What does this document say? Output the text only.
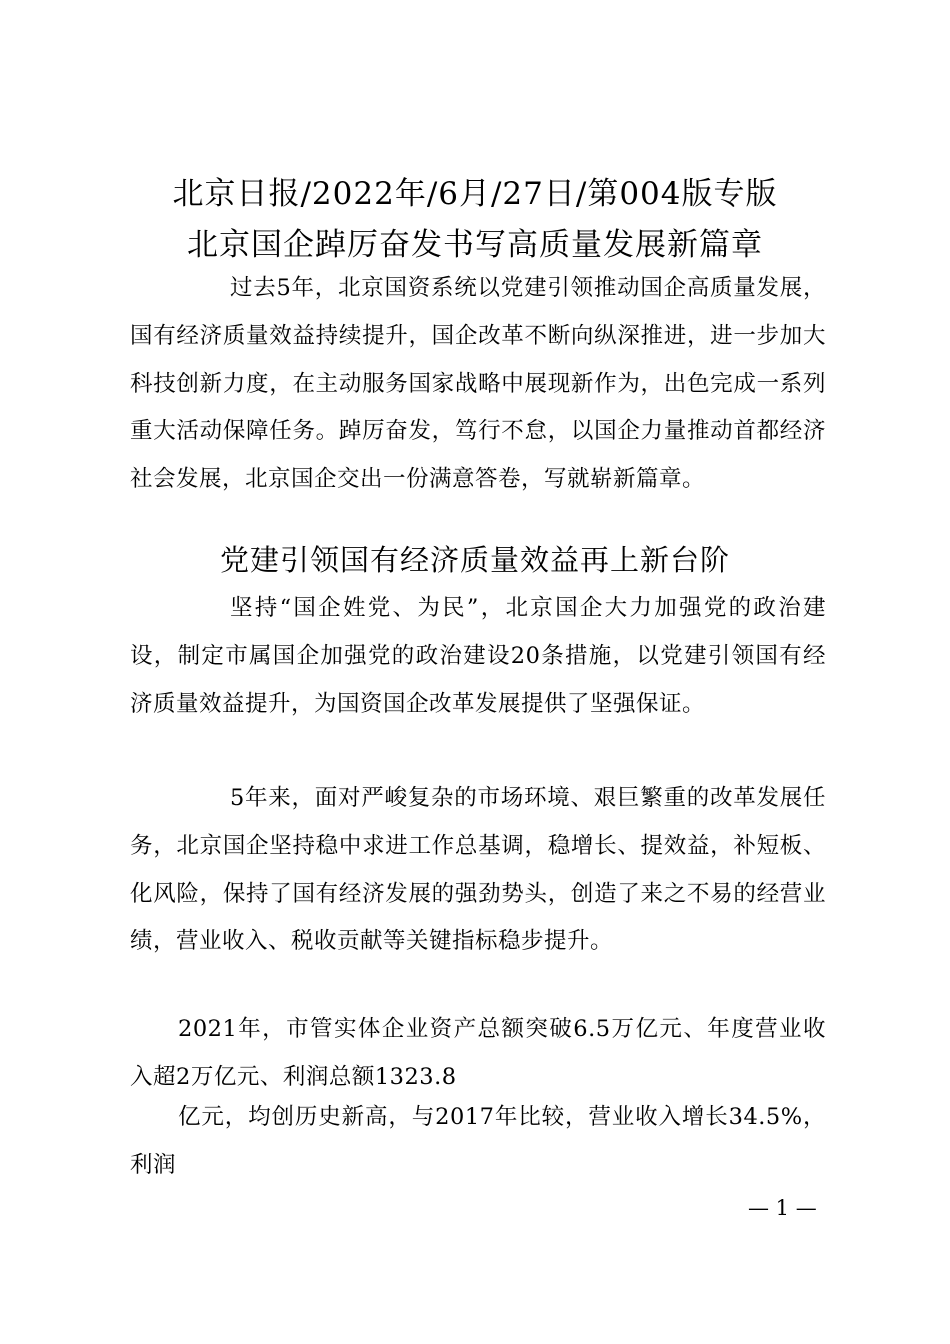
北京日报/2022年/6月/27日/第004版专版
北京国企踔厉奋发书写高质量发展新篇章

过去5年，北京国资系统以党建引领推动国企高质量发展，国有经济质量效益持续提升，国企改革不断向纵深推进，进一步加大科技创新力度，在主动服务国家战略中展现新作为，出色完成一系列重大活动保障任务。踔厉奋发，笃行不怠，以国企力量推动首都经济社会发展，北京国企交出一份满意答卷，写就崭新篇章。

党建引领国有经济质量效益再上新台阶

坚持“国企姓党、为民”，北京国企大力加强党的政治建设，制定市属国企加强党的政治建设20条措施，以党建引领国有经济质量效益提升，为国资国企改革发展提供了坚强保证。

5年来，面对严峻复杂的市场环境、艰巨繁重的改革发展任务，北京国企坚持稳中求进工作总基调，稳增长、提效益，补短板、化风险，保持了国有经济发展的强劲势头，创造了来之不易的经营业绩，营业收入、税收贡献等关键指标稳步提升。

2021年，市管实体企业资产总额突破6.5万亿元、年度营业收入超2万亿元、利润总额1323.8

亿元，均创历史新高，与2017年比较，营业收入增长34.5%，利润

— 1 —
